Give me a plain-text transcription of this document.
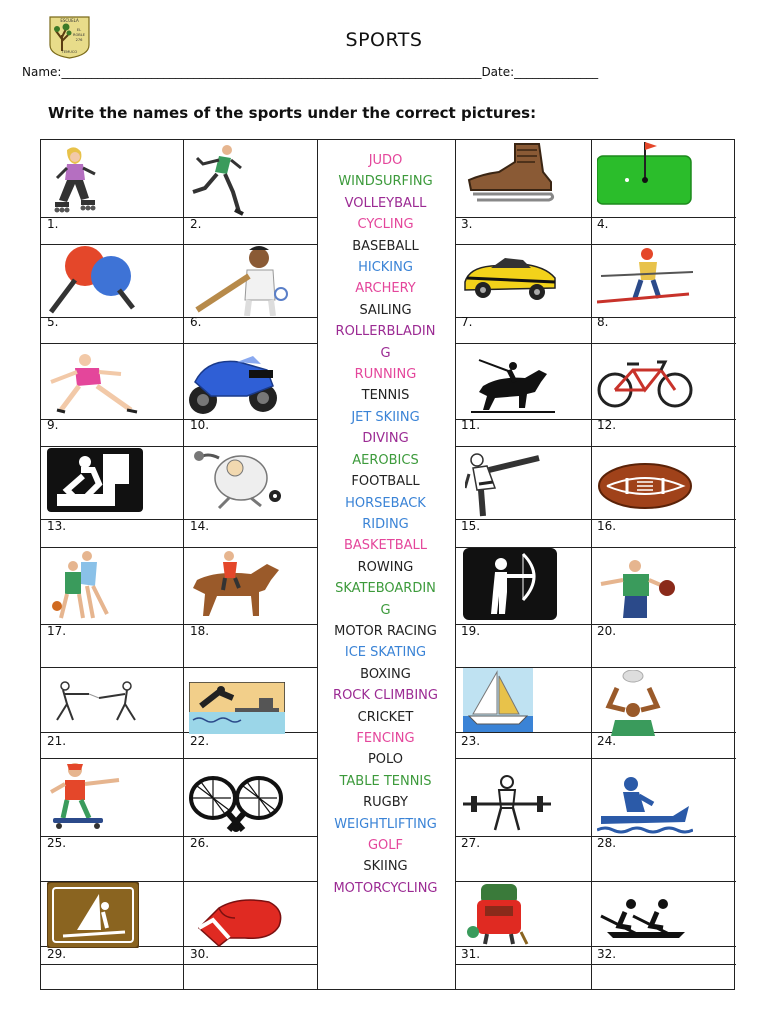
ESCUELA
EL
ROBLE
276
TEMUCO
SPORTS
Name:______________________________________________________________________Date:______________
Write the names of the sports under the correct pictures:
1.	2.	3.	4.
5.	6.	7.	8.
9.	10.	11.	12.
13.	14.	15.	16.
17.	18.	19.	20.
21.	22.	23.	24.
25.	26.	27.	28.
29.	30.	31.	32.
JUDO
WINDSURFING
VOLLEYBALL
CYCLING
BASEBALL
HICKING
ARCHERY
SAILING
ROLLERBLADIN
G
RUNNING
TENNIS
JET SKIING
DIVING
AEROBICS
FOOTBALL
HORSEBACK
RIDING
BASKETBALL
ROWING
SKATEBOARDIN
G
MOTOR RACING
ICE SKATING
BOXING
ROCK CLIMBING
CRICKET
FENCING
POLO
TABLE TENNIS
RUGBY
WEIGHTLIFTING
GOLF
SKIING
MOTORCYCLING
